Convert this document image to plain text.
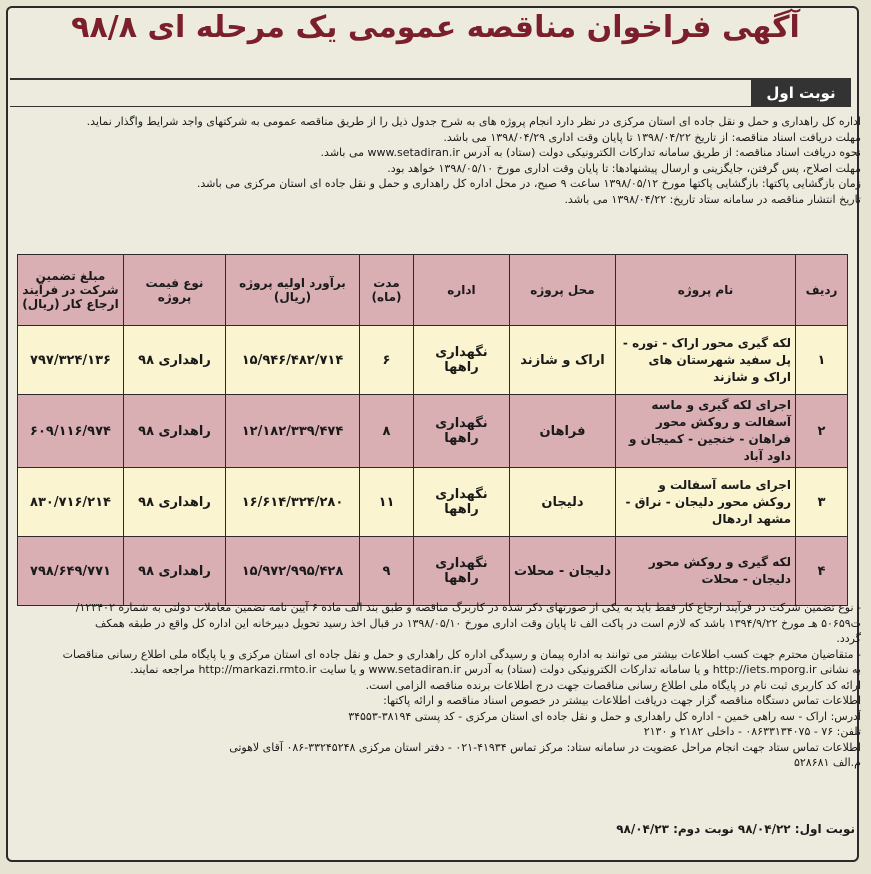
آگهی فراخوان مناقصه عمومی یک مرحله ای ۹۸/۸
نوبت اول

اداره کل راهداری و حمل و نقل جاده ای استان مرکزی در نظر دارد انجام پروژه های به شرح جدول ذیل را از طریق مناقصه عمومی به شرکتهای واجد شرایط واگذار نماید.

مهلت دریافت اسناد مناقصه: از تاریخ ۱۳۹۸/۰۴/۲۲ تا پایان وقت اداری ۱۳۹۸/۰۴/۲۹ می باشد.

نحوه دریافت اسناد مناقصه: از طریق سامانه تدارکات الکترونیکی دولت (ستاد) به آدرس www.setadiran.ir می باشد.

مهلت اصلاح، پس گرفتن، جایگزینی و ارسال پیشنهادها: تا پایان وقت اداری مورخ ۱۳۹۸/۰۵/۱۰ خواهد بود.

زمان بازگشایی پاکتها: بازگشایی پاکتها مورخ ۱۳۹۸/۰۵/۱۲ ساعت ۹ صبح، در محل اداره کل راهداری و حمل و نقل جاده ای استان مرکزی می باشد.

تاریخ انتشار مناقصه در سامانه ستاد تاریخ: ۱۳۹۸/۰۴/۲۲ می باشد.

ردیف	نام پروژه	محل پروژه	اداره	مدت (ماه)	برآورد اولیه پروژه (ریال)	نوع فیمت پروژه	مبلغ تضمین شرکت در فرآیند ارجاع کار (ریال)
۱	لکه گیری محور اراک - توره - پل سفید شهرستان های اراک و شازند	اراک و شازند	نگهداری راهها	۶	۱۵/۹۴۶/۴۸۲/۷۱۴	راهداری ۹۸	۷۹۷/۳۲۴/۱۳۶
۲	اجرای لکه گیری و ماسه آسفالت و روکش محور فراهان - خنجین - کمیجان و داود آباد	فراهان	نگهداری راهها	۸	۱۲/۱۸۲/۳۳۹/۴۷۴	راهداری ۹۸	۶۰۹/۱۱۶/۹۷۴
۳	اجرای ماسه آسفالت و روکش محور دلیجان - نراق - مشهد اردهال	دلیجان	نگهداری راهها	۱۱	۱۶/۶۱۴/۳۲۴/۲۸۰	راهداری ۹۸	۸۳۰/۷۱۶/۲۱۴
۴	لکه گیری و روکش محور دلیجان - محلات	دلیجان - محلات	نگهداری راهها	۹	۱۵/۹۷۲/۹۹۵/۴۲۸	راهداری ۹۸	۷۹۸/۶۴۹/۷۷۱

- نوع تضمین شرکت در فرآیند ارجاع کار فقط باید به یکی از صورتهای ذکر شده در کاربرگ مناقصه و طبق بند الف ماده ۶ آیین نامه تضمین معاملات دولتی به شماره ۱۲۳۴۰۲/

ت۵۰۶۵۹ هـ مورخ ۱۳۹۴/۹/۲۲ باشد که لازم است در پاکت الف تا پایان وقت اداری مورخ ۱۳۹۸/۰۵/۱۰ در قبال اخذ رسید تحویل دبیرخانه این اداره کل واقع در طبقه همکف

گردد.

- متقاضیان محترم جهت کسب اطلاعات بیشتر می توانند به اداره پیمان و رسیدگی اداره کل راهداری و حمل و نقل جاده ای استان مرکزی و یا پایگاه ملی اطلاع رسانی مناقصات

به نشانی http://iets.mporg.ir و یا سامانه تدارکات الکترونیکی دولت (ستاد) به آدرس www.setadiran.ir و یا سایت http://markazi.rmto.ir مراجعه نمایند.

ارائه کد کاربری ثبت نام در پایگاه ملی اطلاع رسانی مناقصات جهت درج اطلاعات برنده مناقصه الزامی است.

اطلاعات تماس دستگاه مناقصه گزار جهت دریافت اطلاعات بیشتر در خصوص اسناد مناقصه و ارائه پاکتها:

آدرس: اراک - سه راهی خمین - اداره کل راهداری و حمل و نقل جاده ای استان مرکزی - کد پستی ۳۸۱۹۴-۳۴۵۵۳

تلفن: ۷۶ - ۰۸۶۳۳۱۳۴۰۷۵ - داخلی ۲۱۸۲ و ۲۱۳۰

اطلاعات تماس ستاد جهت انجام مراحل عضویت در سامانه ستاد: مرکز تماس ۴۱۹۳۴-۰۲۱ - دفتر استان مرکزی ۳۳۲۴۵۲۴۸-۰۸۶ آقای لاهوتی

م.الف ۵۲۸۶۸۱

نوبت اول: ۹۸/۰۴/۲۲ نوبت دوم: ۹۸/۰۴/۲۳
